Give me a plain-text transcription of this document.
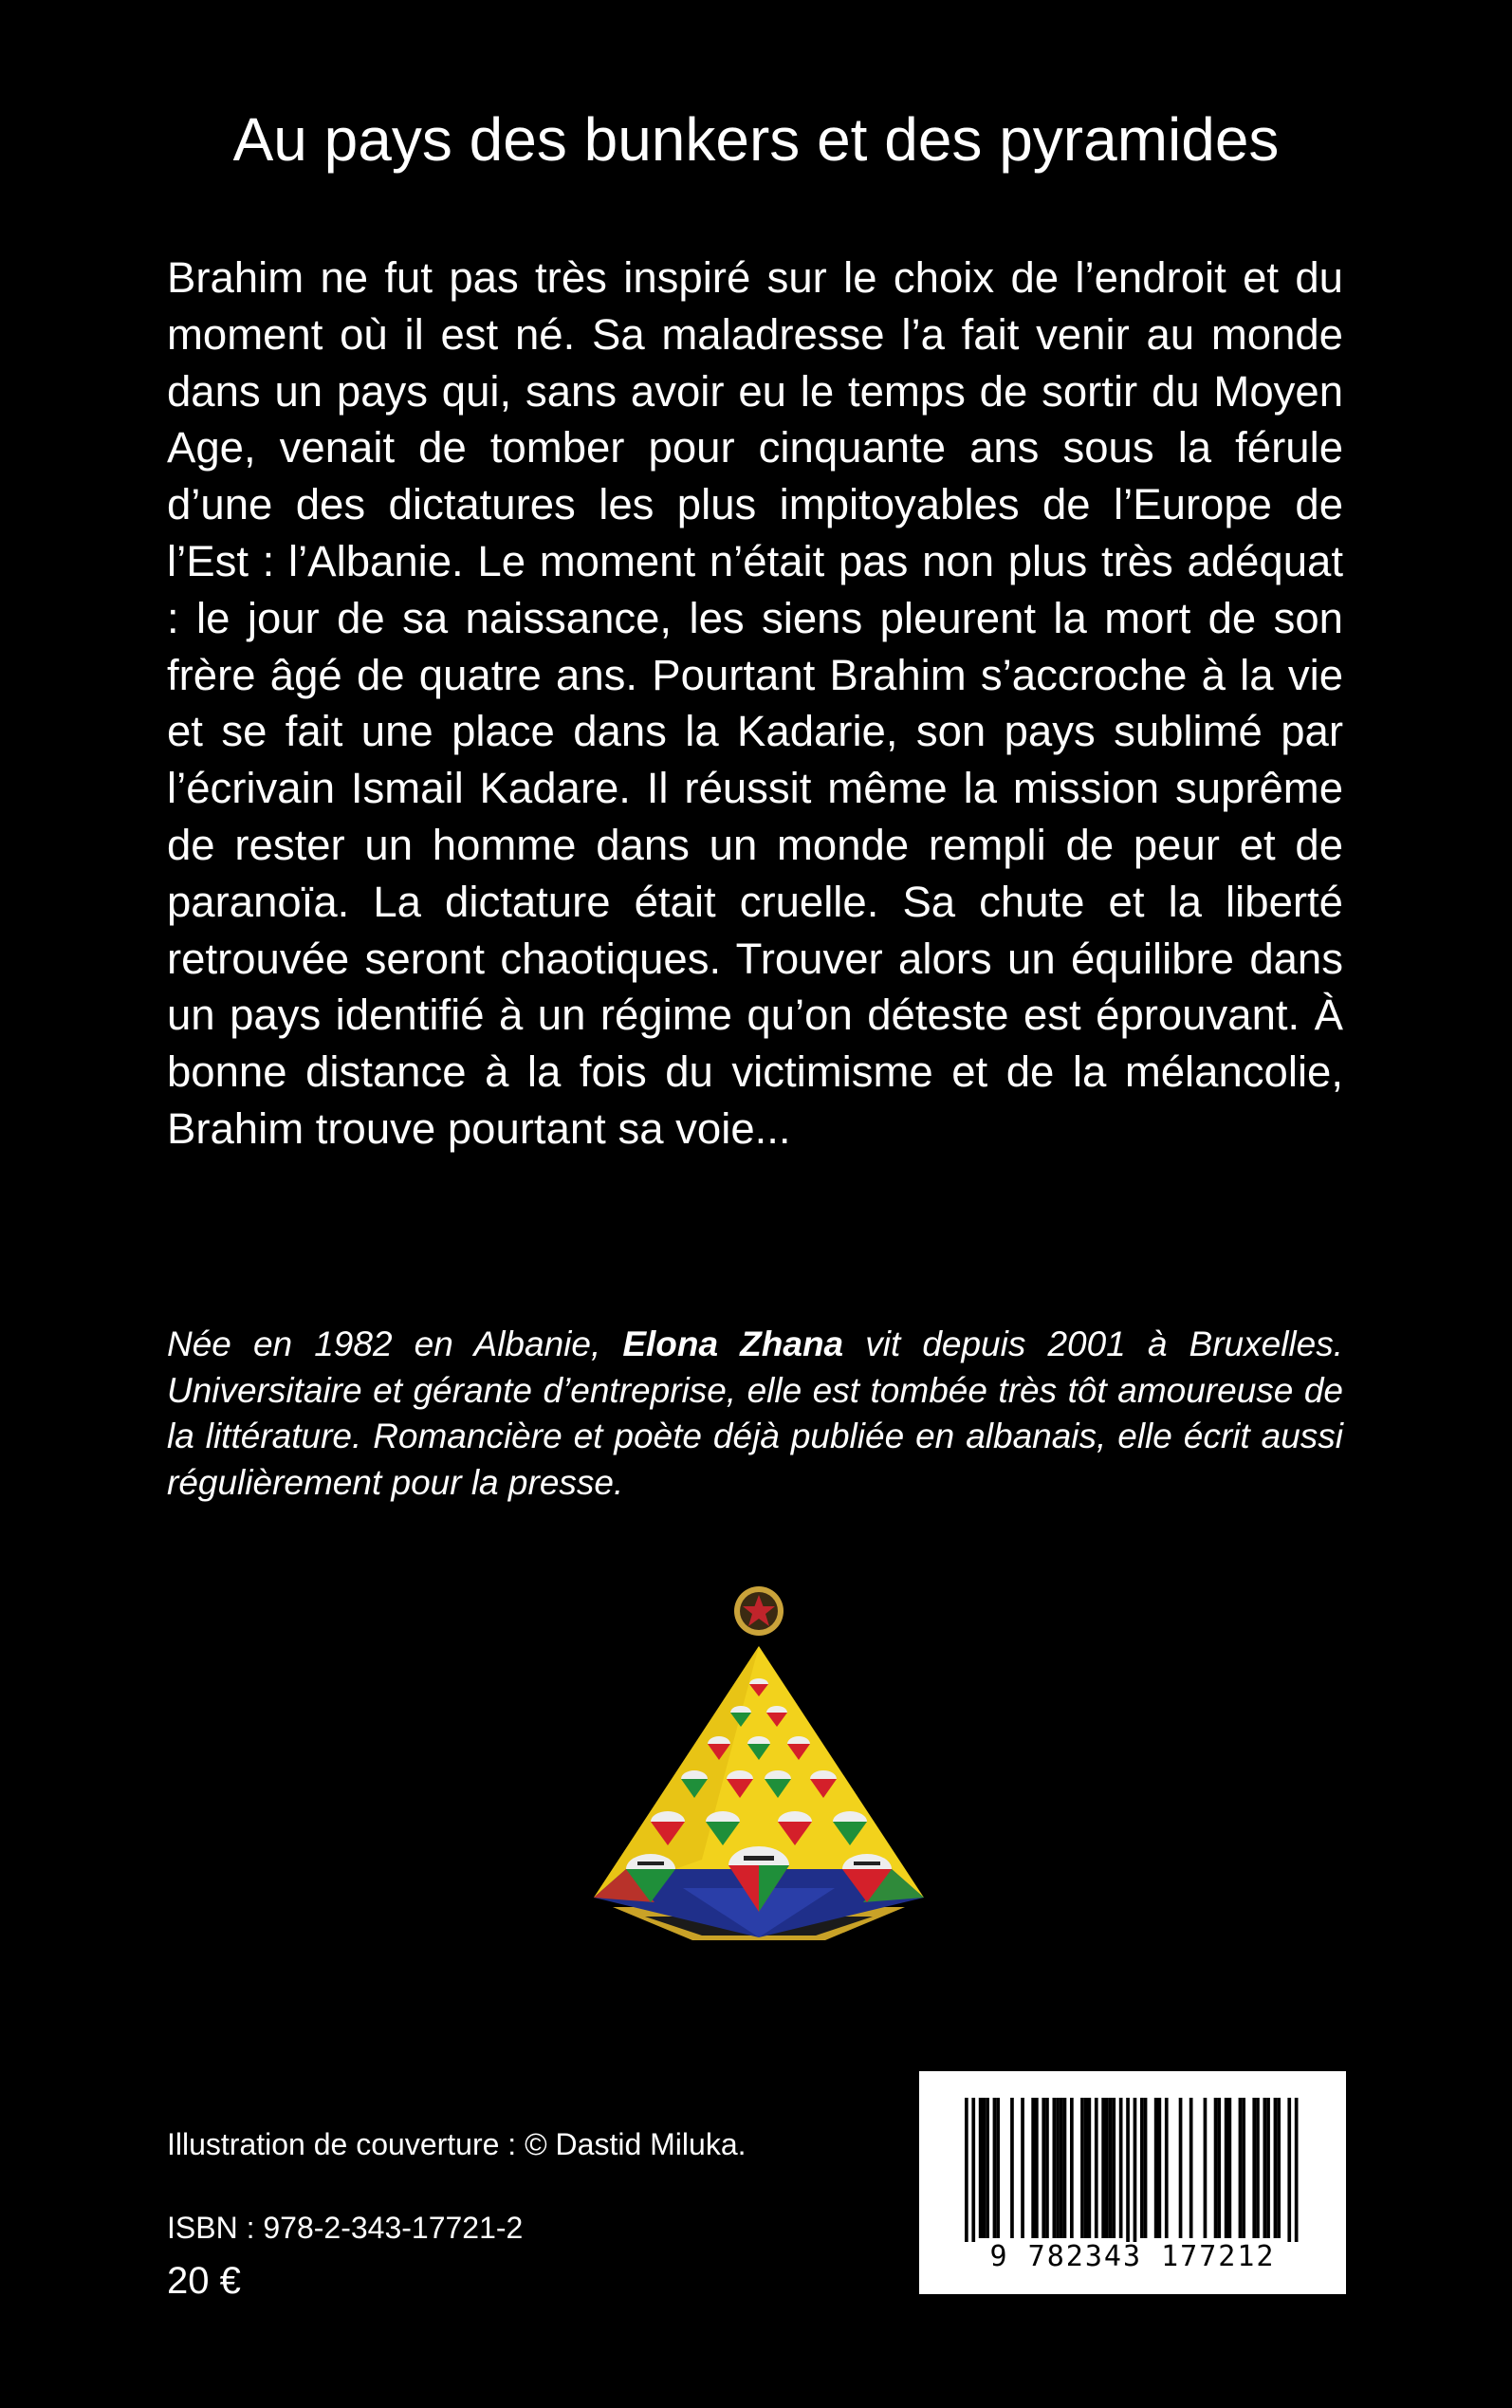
Au pays des bunkers et des pyramides

Brahim ne fut pas très inspiré sur le choix de l’endroit et du moment où il est né. Sa maladresse l’a fait venir au monde dans un pays qui, sans avoir eu le temps de sortir du Moyen Age, venait de tomber pour cinquante ans sous la férule d’une des dictatures les plus impitoyables de l’Europe de l’Est : l’Albanie. Le moment n’était pas non plus très adéquat : le jour de sa naissance, les siens pleurent la mort de son frère âgé de quatre ans. Pourtant Brahim s’accroche à la vie et se fait une place dans la Kadarie, son pays sublimé par l’écrivain Ismail Kadare. Il réussit même la mission suprême de rester un homme dans un monde rempli de peur et de paranoïa. La dictature était cruelle. Sa chute et la liberté retrouvée seront chaotiques. Trouver alors un équilibre dans un pays identifié à un régime qu’on déteste est éprouvant. À bonne distance à la fois du victimisme et de la mélancolie, Brahim trouve pourtant sa voie...

Née en 1982 en Albanie, Elona Zhana vit depuis 2001 à Bruxelles. Universitaire et gérante d’entreprise, elle est tombée très tôt amoureuse de la littérature. Romancière et poète déjà publiée en albanais, elle écrit aussi régulièrement pour la presse.

Illustration de couverture : © Dastid Miluka.
ISBN : 978-2-343-17721-2
20 €
9 782343 177212
